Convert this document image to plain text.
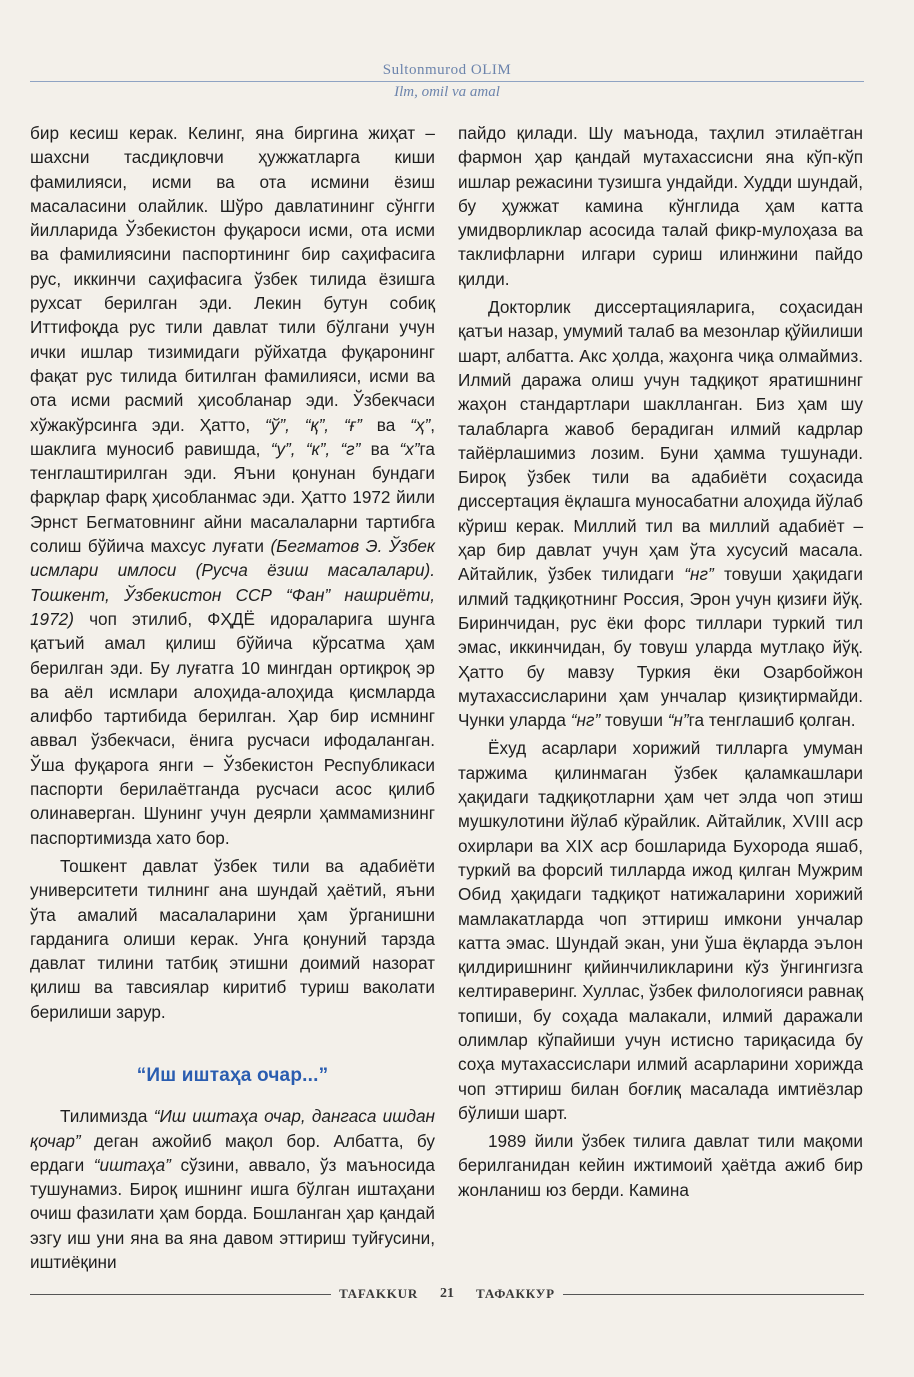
Sultonmurod OLIM
Ilm, omil va amal

бир кесиш керак. Келинг, яна биргина жиҳат – шахсни тасдиқловчи ҳужжатларга киши фамилияси, исми ва ота исмини ёзиш масаласини олайлик. Шўро давлатининг сўнгги йилларида Ўзбекистон фуқароси исми, ота исми ва фамилиясини паспортининг бир саҳифасига рус, иккинчи саҳифасига ўзбек тилида ёзишга рухсат берилган эди. Лекин бутун собиқ Иттифоқда рус тили давлат тили бўлгани учун ички ишлар тизимидаги рўйхатда фуқаронинг фақат рус тилида битилган фамилияси, исми ва ота исми расмий ҳисобланар эди. Ўзбекчаси хўжакўрсинга эди. Ҳатто, “ў”, “қ”, “ғ” ва “ҳ”, шаклига муносиб равишда, “у”, “к”, “г” ва “х”га тенглаштирилган эди. Яъни қонунан бундаги фарқлар фарқ ҳисобланмас эди. Ҳатто 1972 йили Эрнст Бегматовнинг айни масалаларни тартибга солиш бўйича махсус луғати (Бегматов Э. Ўзбек исмлари имлоси (Русча ёзиш масалалари). Тошкент, Ўзбекистон ССР “Фан” нашриёти, 1972) чоп этилиб, ФҲДЁ идораларига шунга қатъий амал қилиш бўйича кўрсатма ҳам берилган эди. Бу луғатга 10 мингдан ортиқроқ эр ва аёл исмлари алоҳида-алоҳида қисмларда алифбо тартибида берилган. Ҳар бир исмнинг аввал ўзбекчаси, ёнига русчаси ифодаланган. Ўша фуқарога янги – Ўзбекистон Республикаси паспорти берилаётганда русчаси асос қилиб олинаверган. Шунинг учун деярли ҳаммамизнинг паспортимизда хато бор.

Тошкент давлат ўзбек тили ва адабиёти университети тилнинг ана шундай ҳаётий, яъни ўта амалий масалаларини ҳам ўрганишни гарданига олиши керак. Унга қонуний тарзда давлат тилини татбиқ этишни доимий назорат қилиш ва тавсиялар киритиб туриш ваколати берилиши зарур.

“Иш иштаҳа очар...”

Тилимизда “Иш иштаҳа очар, дангаса ишдан қочар” деган ажойиб мақол бор. Албатта, бу ердаги “иштаҳа” сўзини, аввало, ўз маъносида тушунамиз. Бироқ ишнинг ишга бўлган иштаҳани очиш фазилати ҳам борда. Бошланган ҳар қандай эзгу иш уни яна ва яна давом эттириш туйғусини, иштиёқини

пайдо қилади. Шу маънода, таҳлил этилаётган фармон ҳар қандай мутахассисни яна кўп-кўп ишлар режасини тузишга ундайди. Худди шундай, бу ҳужжат камина кўнглида ҳам катта умидворликлар асосида талай фикр-мулоҳаза ва таклифларни илгари суриш илинжини пайдо қилди.

Докторлик диссертацияларига, соҳасидан қатъи назар, умумий талаб ва мезонлар қўйилиши шарт, албатта. Акс ҳолда, жаҳонга чиқа олмаймиз. Илмий даража олиш учун тадқиқот яратишнинг жаҳон стандартлари шаклланган. Биз ҳам шу талабларга жавоб берадиган илмий кадрлар тайёрлашимиз лозим. Буни ҳамма тушунади. Бироқ ўзбек тили ва адабиёти соҳасида диссертация ёқлашга муносабатни алоҳида йўлаб кўриш керак. Миллий тил ва миллий адабиёт – ҳар бир давлат учун ҳам ўта хусусий масала. Айтайлик, ўзбек тилидаги “нг” товуши ҳақидаги илмий тадқиқотнинг Россия, Эрон учун қизиғи йўқ. Биринчидан, рус ёки форс тиллари туркий тил эмас, иккинчидан, бу товуш уларда мутлақо йўқ. Ҳатто бу мавзу Туркия ёки Озарбойжон мутахассисларини ҳам унчалар қизиқтирмайди. Чунки уларда “нг” товуши “н”га тенглашиб қолган.

Ёхуд асарлари хорижий тилларга умуман таржима қилинмаган ўзбек қаламкашлари ҳақидаги тадқиқотларни ҳам чет элда чоп этиш мушкулотини йўлаб кўрайлик. Айтайлик, XVIII аср охирлари ва XIX аср бошларида Бухорода яшаб, туркий ва форсий тилларда ижод қилган Мужрим Обид ҳақидаги тадқиқот натижаларини хорижий мамлакатларда чоп эттириш имкони унчалар катта эмас. Шундай экан, уни ўша ёқларда эълон қилдиришнинг қийинчиликларини кўз ўнгингизга келтираверинг. Хуллас, ўзбек филологияси равнақ топиши, бу соҳада малакали, илмий даражали олимлар кўпайиши учун истисно тариқасида бу соҳа мутахассислари илмий асарларини хорижда чоп эттириш билан боғлиқ масалада имтиёзлар бўлиши шарт.

1989 йили ўзбек тилига давлат тили мақоми берилганидан кейин ижтимоий ҳаётда ажиб бир жонланиш юз берди. Камина

TAFAKKUR	21	ТАФАККУР
